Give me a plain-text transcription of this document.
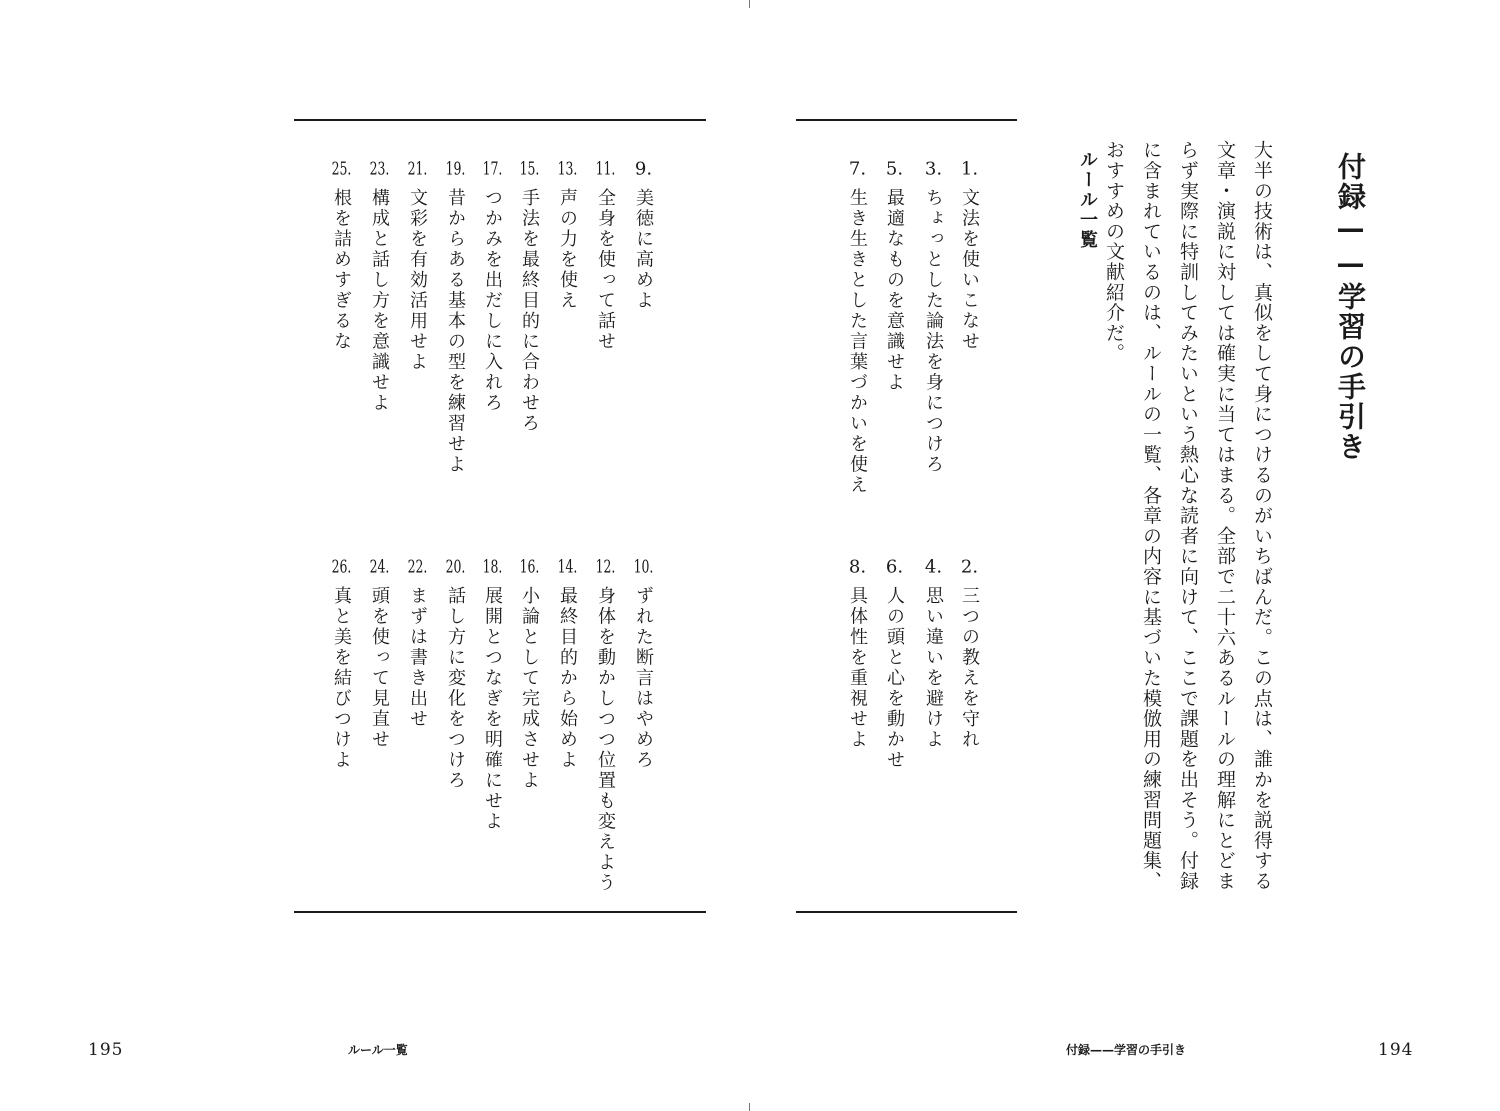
付録——学習の手引き
大半の技術は、真似をして身につけるのがいちばんだ。この点は、誰かを説得する文章・演説に対しては確実に当てはまる。全部で二十六あるルールの理解にとどまらず実際に特訓してみたいという熱心な読者に向けて、ここで課題を出そう。付録に含まれているのは、ルールの一覧、各章の内容に基づいた模倣用の練習問題集、おすすめの文献紹介だ。
ルール一覧
1.文法を使いこなせ
2.三つの教えを守れ
3.ちょっとした論法を身につけろ
4.思い違いを避けよ
5.最適なものを意識せよ
6.人の頭と心を動かせ
7.生き生きとした言葉づかいを使え
8.具体性を重視せよ
9.美徳に高めよ
10.ずれた断言はやめろ
11.全身を使って話せ
12.身体を動かしつつ位置も変えよう
13.声の力を使え
14.最終目的から始めよ
15.手法を最終目的に合わせろ
16.小論として完成させよ
17.つかみを出だしに入れろ
18.展開とつなぎを明確にせよ
19.昔からある基本の型を練習せよ
20.話し方に変化をつけろ
21.文彩を有効活用せよ
22.まずは書き出せ
23.構成と話し方を意識せよ
24.頭を使って見直せ
25.根を詰めすぎるな
26.真と美を結びつけよ
195	ルール一覧	付録——学習の手引き	194
